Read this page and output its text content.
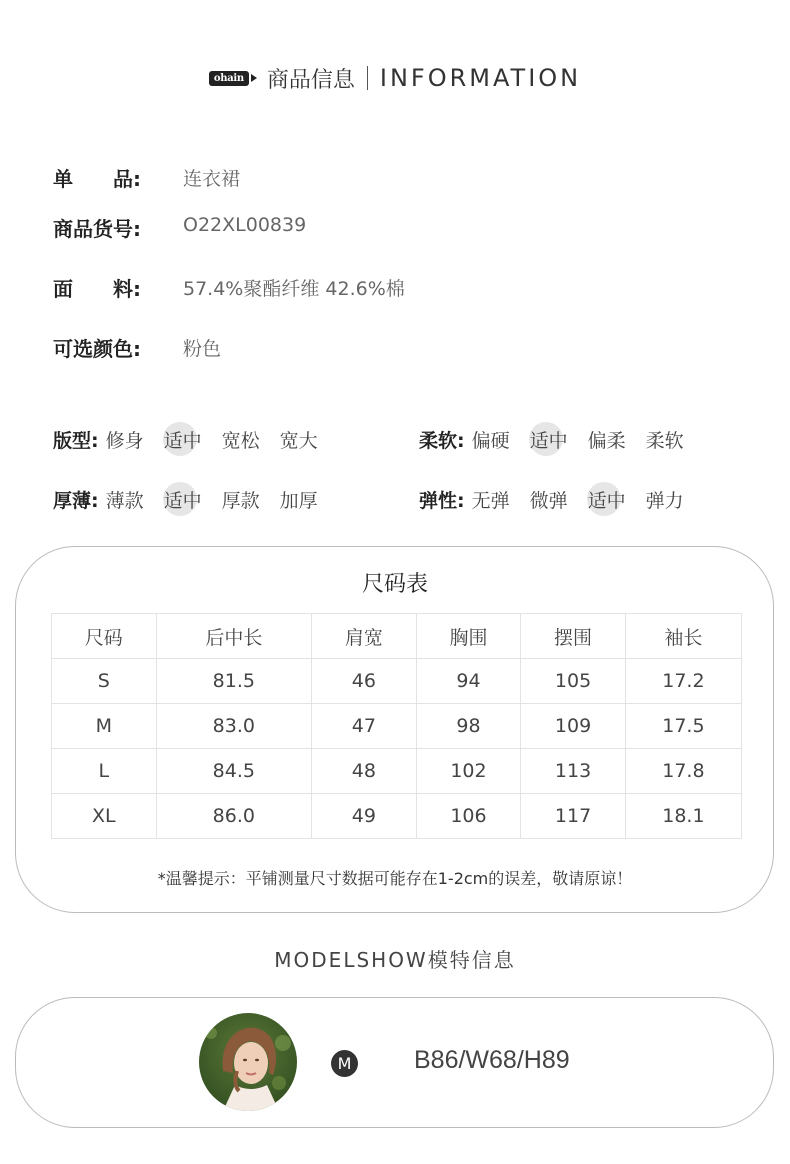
ohain 商品信息 INFORMATION
单　　品:	连衣裙
商品货号:	O22XL00839
面　　料:	57.4%聚酯纤维 42.6%棉
可选颜色:	粉色
版型: 修身 适中 宽松 宽大	柔软: 偏硬 适中 偏柔 柔软
厚薄: 薄款 适中 厚款 加厚	弹性: 无弹 微弹 适中 弹力
尺码表
尺码	后中长	肩宽	胸围	摆围	袖长
S	81.5	46	94	105	17.2
M	83.0	47	98	109	17.5
L	84.5	48	102	113	17.8
XL	86.0	49	106	117	18.1
*温馨提示：平铺测量尺寸数据可能存在1-2cm的误差，敬请原谅！
MODELSHOW模特信息
M	B86/W68/H89
